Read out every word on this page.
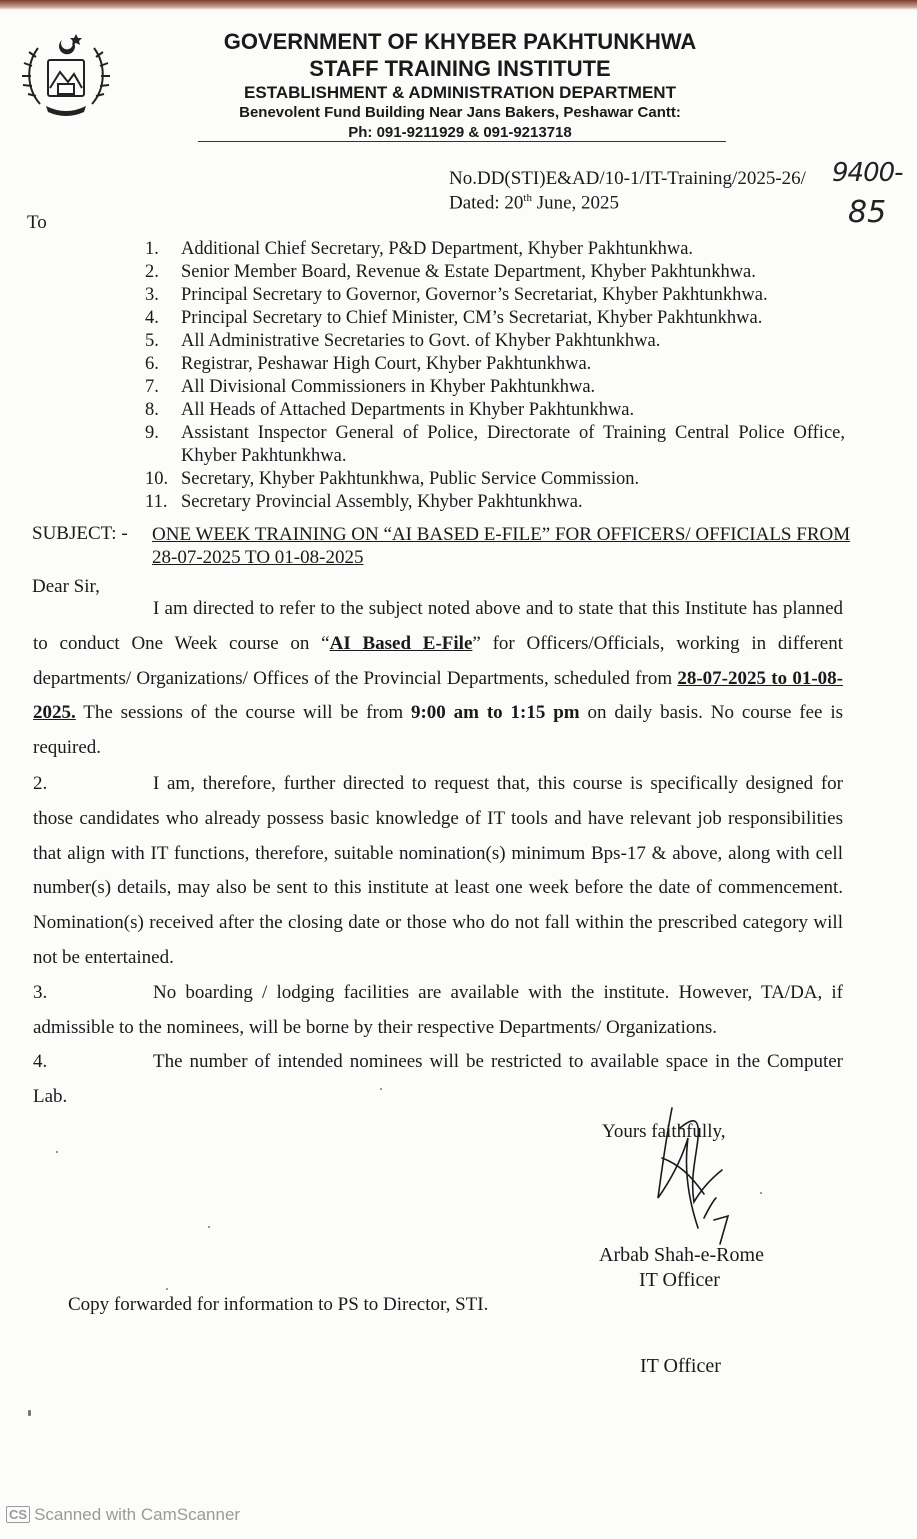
GOVERNMENT OF KHYBER PAKHTUNKHWA
STAFF TRAINING INSTITUTE
ESTABLISHMENT & ADMINISTRATION DEPARTMENT
Benevolent Fund Building Near Jans Bakers, Peshawar Cantt:
Ph: 091-9211929 & 091-9213718
No.DD(STI)E&AD/10-1/IT-Training/2025-26/
Dated: 20th June, 2025
9400-
85
To
1.	Additional Chief Secretary, P&D Department, Khyber Pakhtunkhwa.
2.	Senior Member Board, Revenue & Estate Department, Khyber Pakhtunkhwa.
3.	Principal Secretary to Governor, Governor’s Secretariat, Khyber Pakhtunkhwa.
4.	Principal Secretary to Chief Minister, CM’s Secretariat, Khyber Pakhtunkhwa.
5.	All Administrative Secretaries to Govt. of Khyber Pakhtunkhwa.
6.	Registrar, Peshawar High Court, Khyber Pakhtunkhwa.
7.	All Divisional Commissioners in Khyber Pakhtunkhwa.
8.	All Heads of Attached Departments in Khyber Pakhtunkhwa.
9.	Assistant Inspector General of Police, Directorate of Training Central Police Office, Khyber Pakhtunkhwa.
10. Secretary, Khyber Pakhtunkhwa, Public Service Commission.
11. Secretary Provincial Assembly, Khyber Pakhtunkhwa.
SUBJECT: - ONE WEEK TRAINING ON “AI BASED E-FILE” FOR OFFICERS/ OFFICIALS FROM 28-07-2025 TO 01-08-2025
Dear Sir,
I am directed to refer to the subject noted above and to state that this Institute has planned to conduct One Week course on “AI Based E-File” for Officers/Officials, working in different departments/ Organizations/ Offices of the Provincial Departments, scheduled from 28-07-2025 to 01-08-2025. The sessions of the course will be from 9:00 am to 1:15 pm on daily basis. No course fee is required.
2.	I am, therefore, further directed to request that, this course is specifically designed for those candidates who already possess basic knowledge of IT tools and have relevant job responsibilities that align with IT functions, therefore, suitable nomination(s) minimum Bps-17 & above, along with cell number(s) details, may also be sent to this institute at least one week before the date of commencement. Nomination(s) received after the closing date or those who do not fall within the prescribed category will not be entertained.
3.	No boarding / lodging facilities are available with the institute. However, TA/DA, if admissible to the nominees, will be borne by their respective Departments/ Organizations.
4.	The number of intended nominees will be restricted to available space in the Computer Lab.
Yours faithfully,
Arbab Shah-e-Rome
IT Officer
Copy forwarded for information to PS to Director, STI.
IT Officer
CS Scanned with CamScanner
